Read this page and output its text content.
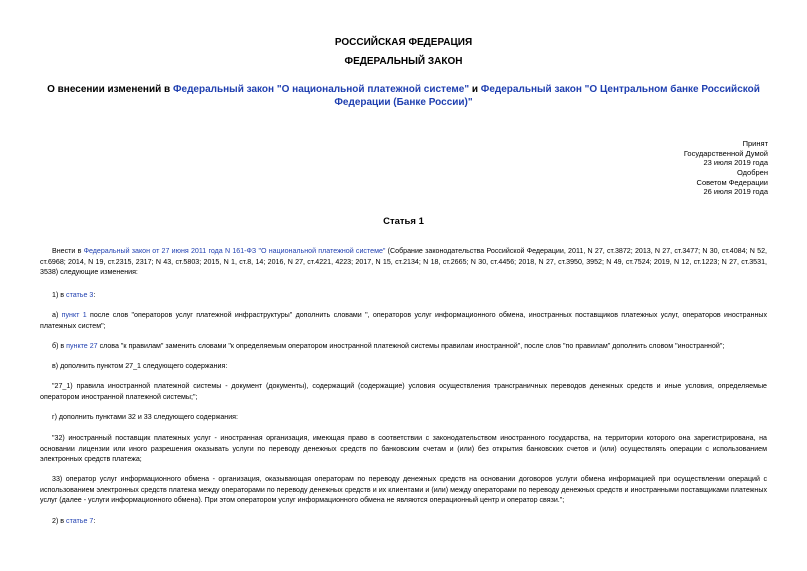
РОССИЙСКАЯ ФЕДЕРАЦИЯ

ФЕДЕРАЛЬНЫЙ ЗАКОН

О внесении изменений в Федеральный закон "О национальной платежной системе" и Федеральный закон "О Центральном банке Российской Федерации (Банке России)"

Принят
Государственной Думой
23 июля 2019 года
Одобрен
Советом Федерации
26 июля 2019 года

Статья 1

Внести в Федеральный закон от 27 июня 2011 года N 161-ФЗ "О национальной платежной системе" (Собрание законодательства Российской Федерации, 2011, N 27, ст.3872; 2013, N 27, ст.3477; N 30, ст.4084; N 52, ст.6968; 2014, N 19, ст.2315, 2317; N 43, ст.5803; 2015, N 1, ст.8, 14; 2016, N 27, ст.4221, 4223; 2017, N 15, ст.2134; N 18, ст.2665; N 30, ст.4456; 2018, N 27, ст.3950, 3952; N 49, ст.7524; 2019, N 12, ст.1223; N 27, ст.3531, 3538) следующие изменения:

1) в статье 3:

а) пункт 1 после слов "операторов услуг платежной инфраструктуры" дополнить словами ", операторов услуг информационного обмена, иностранных поставщиков платежных услуг, операторов иностранных платежных систем";

б) в пункте 27 слова "к правилам" заменить словами "к определяемым оператором иностранной платежной системы правилам иностранной", после слов "по правилам" дополнить словом "иностранной";

в) дополнить пунктом 27_1 следующего содержания:

"27_1) правила иностранной платежной системы - документ (документы), содержащий (содержащие) условия осуществления трансграничных переводов денежных средств и иные условия, определяемые оператором иностранной платежной системы;";

г) дополнить пунктами 32 и 33 следующего содержания:

"32) иностранный поставщик платежных услуг - иностранная организация, имеющая право в соответствии с законодательством иностранного государства, на территории которого она зарегистрирована, на основании лицензии или иного разрешения оказывать услуги по переводу денежных средств по банковским счетам и (или) без открытия банковских счетов и (или) осуществлять операции с использованием электронных средств платежа;

33) оператор услуг информационного обмена - организация, оказывающая операторам по переводу денежных средств на основании договоров услуги обмена информацией при осуществлении операций с использованием электронных средств платежа между операторами по переводу денежных средств и их клиентами и (или) между операторами по переводу денежных средств и иностранными поставщиками платежных услуг (далее - услуги информационного обмена). При этом оператором услуг информационного обмена не являются операционный центр и оператор связи.";

2) в статье 7:
